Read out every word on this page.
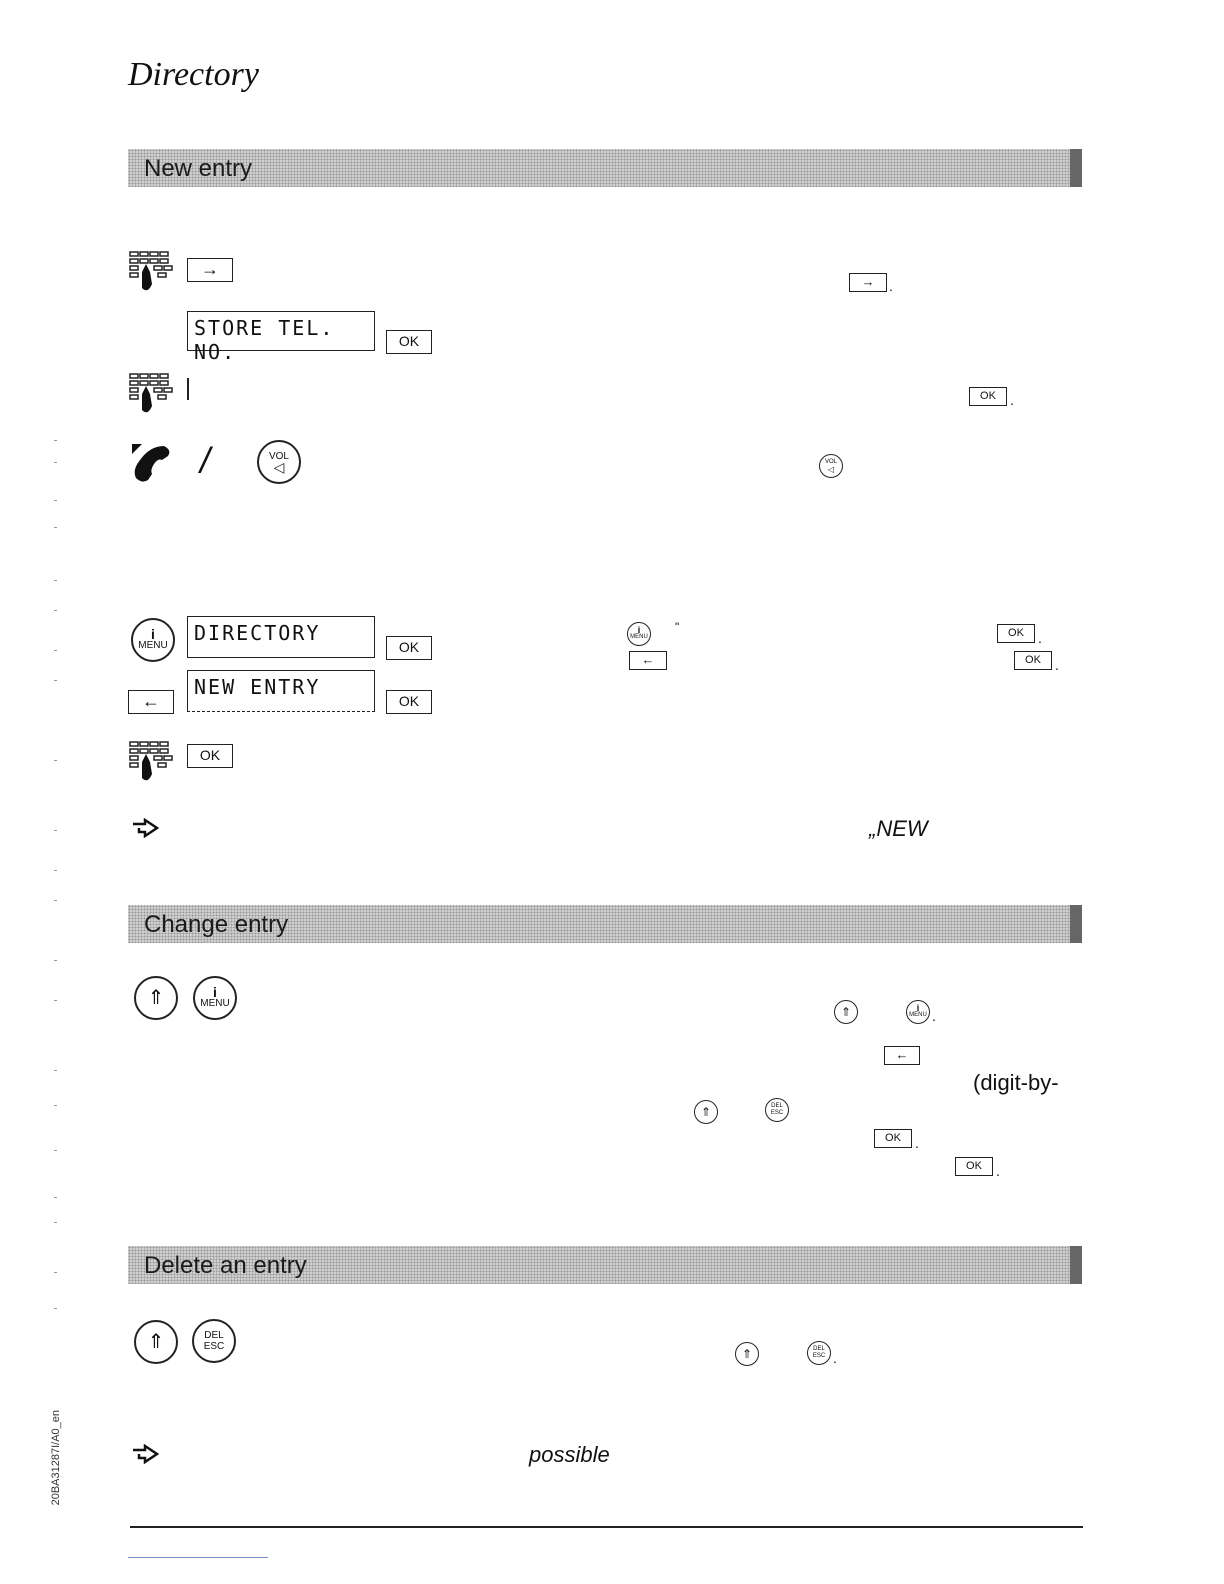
Directory
New entry
→
→	.
STORE TEL. NO.	OK
OK	.
/	VOL
◁	VOL
◁
i
MENU
DIRECTORY
OK
i
MENU
"	OK	.
←
NEW ENTRY
OK
←	OK	.
OK
„NEW
Change entry
⇑	i
MENU
⇑	i
MENU .
←
(digit-by-
⇑	DEL
ESC
OK	.
OK	.
Delete an entry
⇑	DEL
ESC	⇑	DEL
ESC .
possible
20BA31287I/A0_en
